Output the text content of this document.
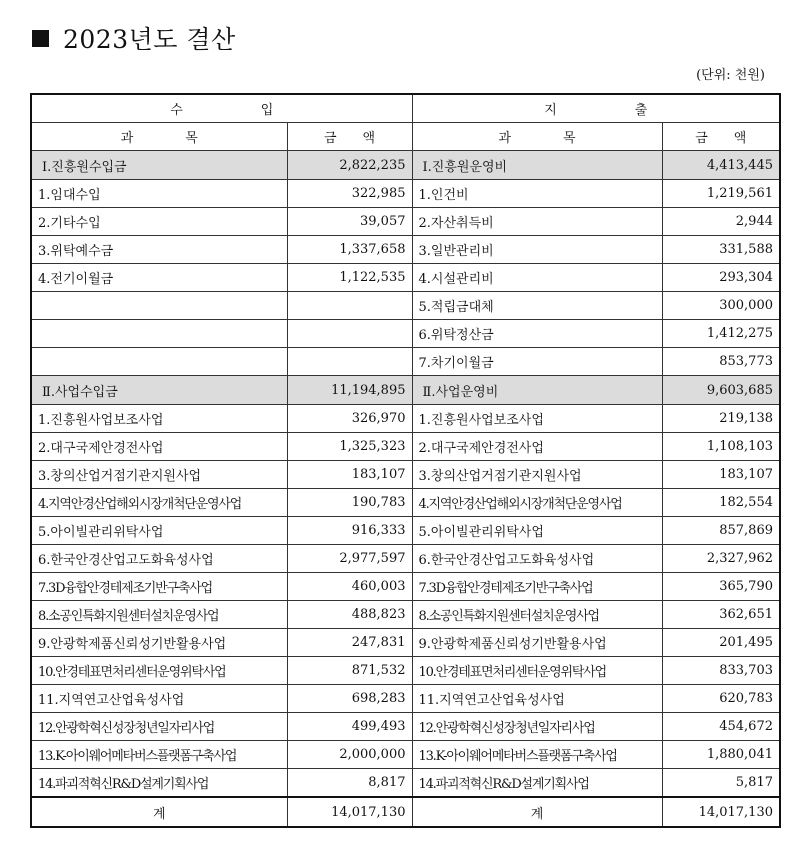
2023년도 결산
(단위: 천원)
수　　　　　　입		지　　　　　　출	
과　　　　목	금　　액	과　　　　목	금　　액
Ⅰ.진흥원수입금	2,822,235	Ⅰ.진흥원운영비	4,413,445
1.임대수입	322,985	1.인건비	1,219,561
2.기타수입	39,057	2.자산취득비	2,944
3.위탁예수금	1,337,658	3.일반관리비	331,588
4.전기이월금	1,122,535	4.시설관리비	293,304
		5.적립금대체	300,000
		6.위탁정산금	1,412,275
		7.차기이월금	853,773
Ⅱ.사업수입금	11,194,895	Ⅱ.사업운영비	9,603,685
1.진흥원사업보조사업	326,970	1.진흥원사업보조사업	219,138
2.대구국제안경전사업	1,325,323	2.대구국제안경전사업	1,108,103
3.창의산업거점기관지원사업	183,107	3.창의산업거점기관지원사업	183,107
4.지역안경산업해외시장개척단운영사업	190,783	4.지역안경산업해외시장개척단운영사업	182,554
5.아이빌관리위탁사업	916,333	5.아이빌관리위탁사업	857,869
6.한국안경산업고도화육성사업	2,977,597	6.한국안경산업고도화육성사업	2,327,962
7.3D융합안경테제조기반구축사업	460,003	7.3D융합안경테제조기반구축사업	365,790
8.소공인특화지원센터설치운영사업	488,823	8.소공인특화지원센터설치운영사업	362,651
9.안광학제품신뢰성기반활용사업	247,831	9.안광학제품신뢰성기반활용사업	201,495
10.안경테표면처리센터운영위탁사업	871,532	10.안경테표면처리센터운영위탁사업	833,703
11.지역연고산업육성사업	698,283	11.지역연고산업육성사업	620,783
12.안광학혁신성장청년일자리사업	499,493	12.안광학혁신성장청년일자리사업	454,672
13.K-아이웨어메타버스플랫폼구축사업	2,000,000	13.K-아이웨어메타버스플랫폼구축사업	1,880,041
14.파괴적혁신R&D설계기획사업	8,817	14.파괴적혁신R&D설계기획사업	5,817
계	14,017,130	계	14,017,130
